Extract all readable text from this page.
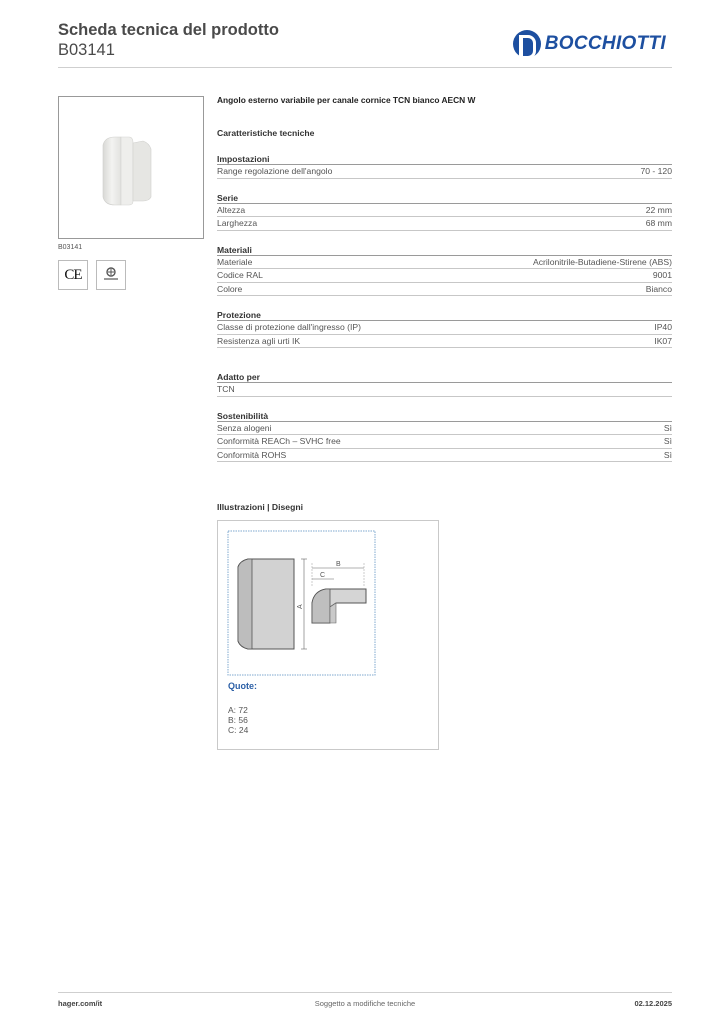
Scheda tecnica del prodotto
B03141	BOCCHIOTTI
B03141
CE
Angolo esterno variabile per canale cornice TCN bianco AECN W
Caratteristiche tecniche
Impostazioni
Range regolazione dell'angolo	70 - 120
Serie
Altezza	22 mm
Larghezza	68 mm
Materiali
Materiale	Acrilonitrile-Butadiene-Stirene (ABS)
Codice RAL	9001
Colore	Bianco
Protezione
Classe di protezione dall'ingresso (IP)	IP40
Resistenza agli urti IK	IK07
Adatto per
TCN
Sostenibilità
Senza alogeni	Sì
Conformità REACh – SVHC free	Sì
Conformità ROHS	Sì
Illustrazioni | Disegni
A
B
C
Quote:
A: 72
B: 56
C: 24
hager.com/it	Soggetto a modifiche tecniche	02.12.2025
